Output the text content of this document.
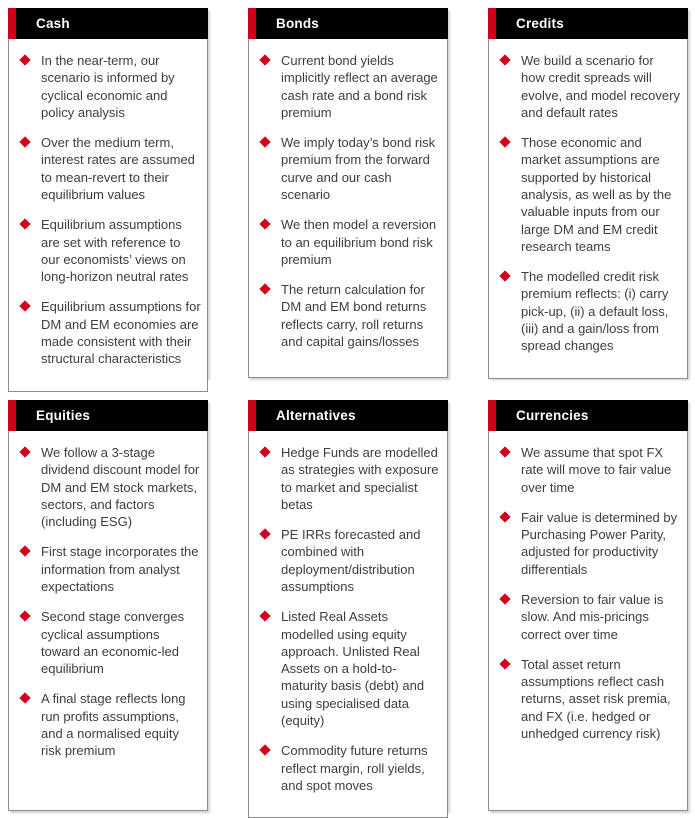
Cash
In the near-term, our scenario is informed by cyclical economic and policy analysis
Over the medium term, interest rates are assumed to mean-revert to their equilibrium values
Equilibrium assumptions are set with reference to our economists’ views on long-horizon neutral rates
Equilibrium assumptions for DM and EM economies are made consistent with their structural characteristics
Bonds
Current bond yields implicitly reflect an average cash rate and a bond risk premium
We imply today’s bond risk premium from the forward curve and our cash scenario
We then model a reversion to an equilibrium bond risk premium
The return calculation for DM and EM bond returns reflects carry, roll returns and capital gains/losses
Credits
We build a scenario for how credit spreads will evolve, and model recovery and default rates
Those economic and market assumptions are supported by historical analysis, as well as by the valuable inputs from our large DM and EM credit research teams
The modelled credit risk premium reflects: (i) carry pick-up, (ii) a default loss, (iii) and a gain/loss from spread changes
Equities
We follow a 3-stage dividend discount model for DM and EM stock markets, sectors, and factors (including ESG)
First stage incorporates the information from analyst expectations
Second stage converges cyclical assumptions toward an economic-led equilibrium
A final stage reflects long run profits assumptions, and a normalised equity risk premium
Alternatives
Hedge Funds are modelled as strategies with exposure to market and specialist betas
PE IRRs forecasted and combined with deployment/distribution assumptions
Listed Real Assets modelled using equity approach. Unlisted Real Assets on a hold-to-maturity basis (debt) and using specialised data (equity)
Commodity future returns reflect margin, roll yields, and spot moves
Currencies
We assume that spot FX rate will move to fair value over time
Fair value is determined by Purchasing Power Parity, adjusted for productivity differentials
Reversion to fair value is slow. And mis-pricings correct over time
Total asset return assumptions reflect cash returns, asset risk premia, and FX (i.e. hedged or unhedged currency risk)
